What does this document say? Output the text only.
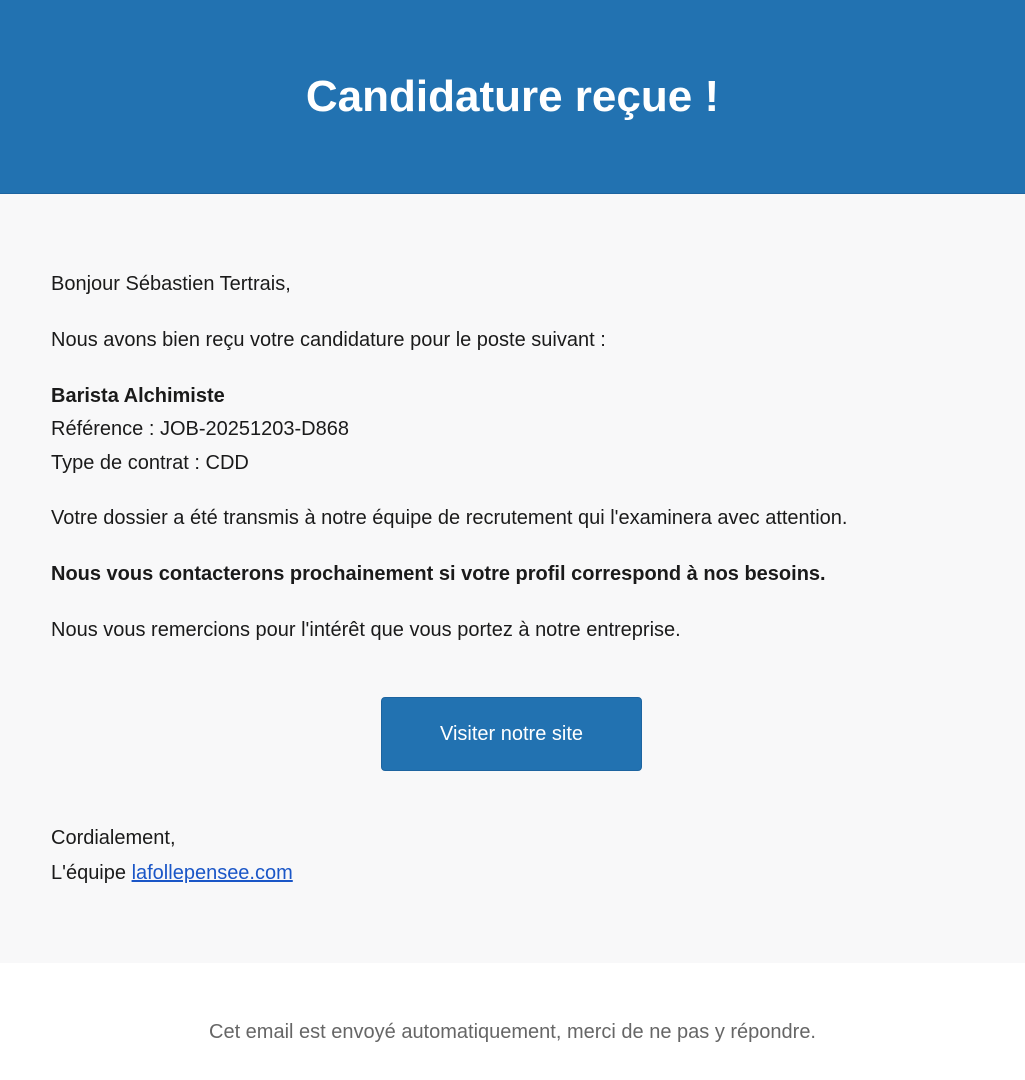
Candidature reçue !

Bonjour Sébastien Tertrais,

Nous avons bien reçu votre candidature pour le poste suivant :

Barista Alchimiste

Référence : JOB-20251203-D868

Type de contrat : CDD

Votre dossier a été transmis à notre équipe de recrutement qui l'examinera avec attention.

Nous vous contacterons prochainement si votre profil correspond à nos besoins.

Nous vous remercions pour l'intérêt que vous portez à notre entreprise.

Visiter notre site

Cordialement,

L'équipe lafollepensee.com

Cet email est envoyé automatiquement, merci de ne pas y répondre.
